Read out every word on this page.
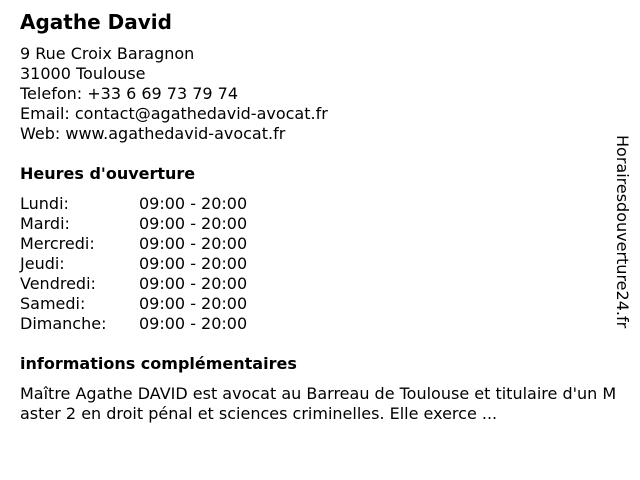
Agathe David
9 Rue Croix Baragnon
31000 Toulouse
Telefon: +33 6 69 73 79 74
Email: contact@agathedavid-avocat.fr
Web: www.agathedavid-avocat.fr
Heures d'ouverture
Lundi:	09:00 - 20:00
Mardi:	09:00 - 20:00
Mercredi:	09:00 - 20:00
Jeudi:	09:00 - 20:00
Vendredi:	09:00 - 20:00
Samedi:	09:00 - 20:00
Dimanche:	09:00 - 20:00
informations complémentaires
Maître Agathe DAVID est avocat au Barreau de Toulouse et titulaire d'un Master 2 en droit pénal et sciences criminelles. Elle exerce ...
Horairesdouverture24.fr
